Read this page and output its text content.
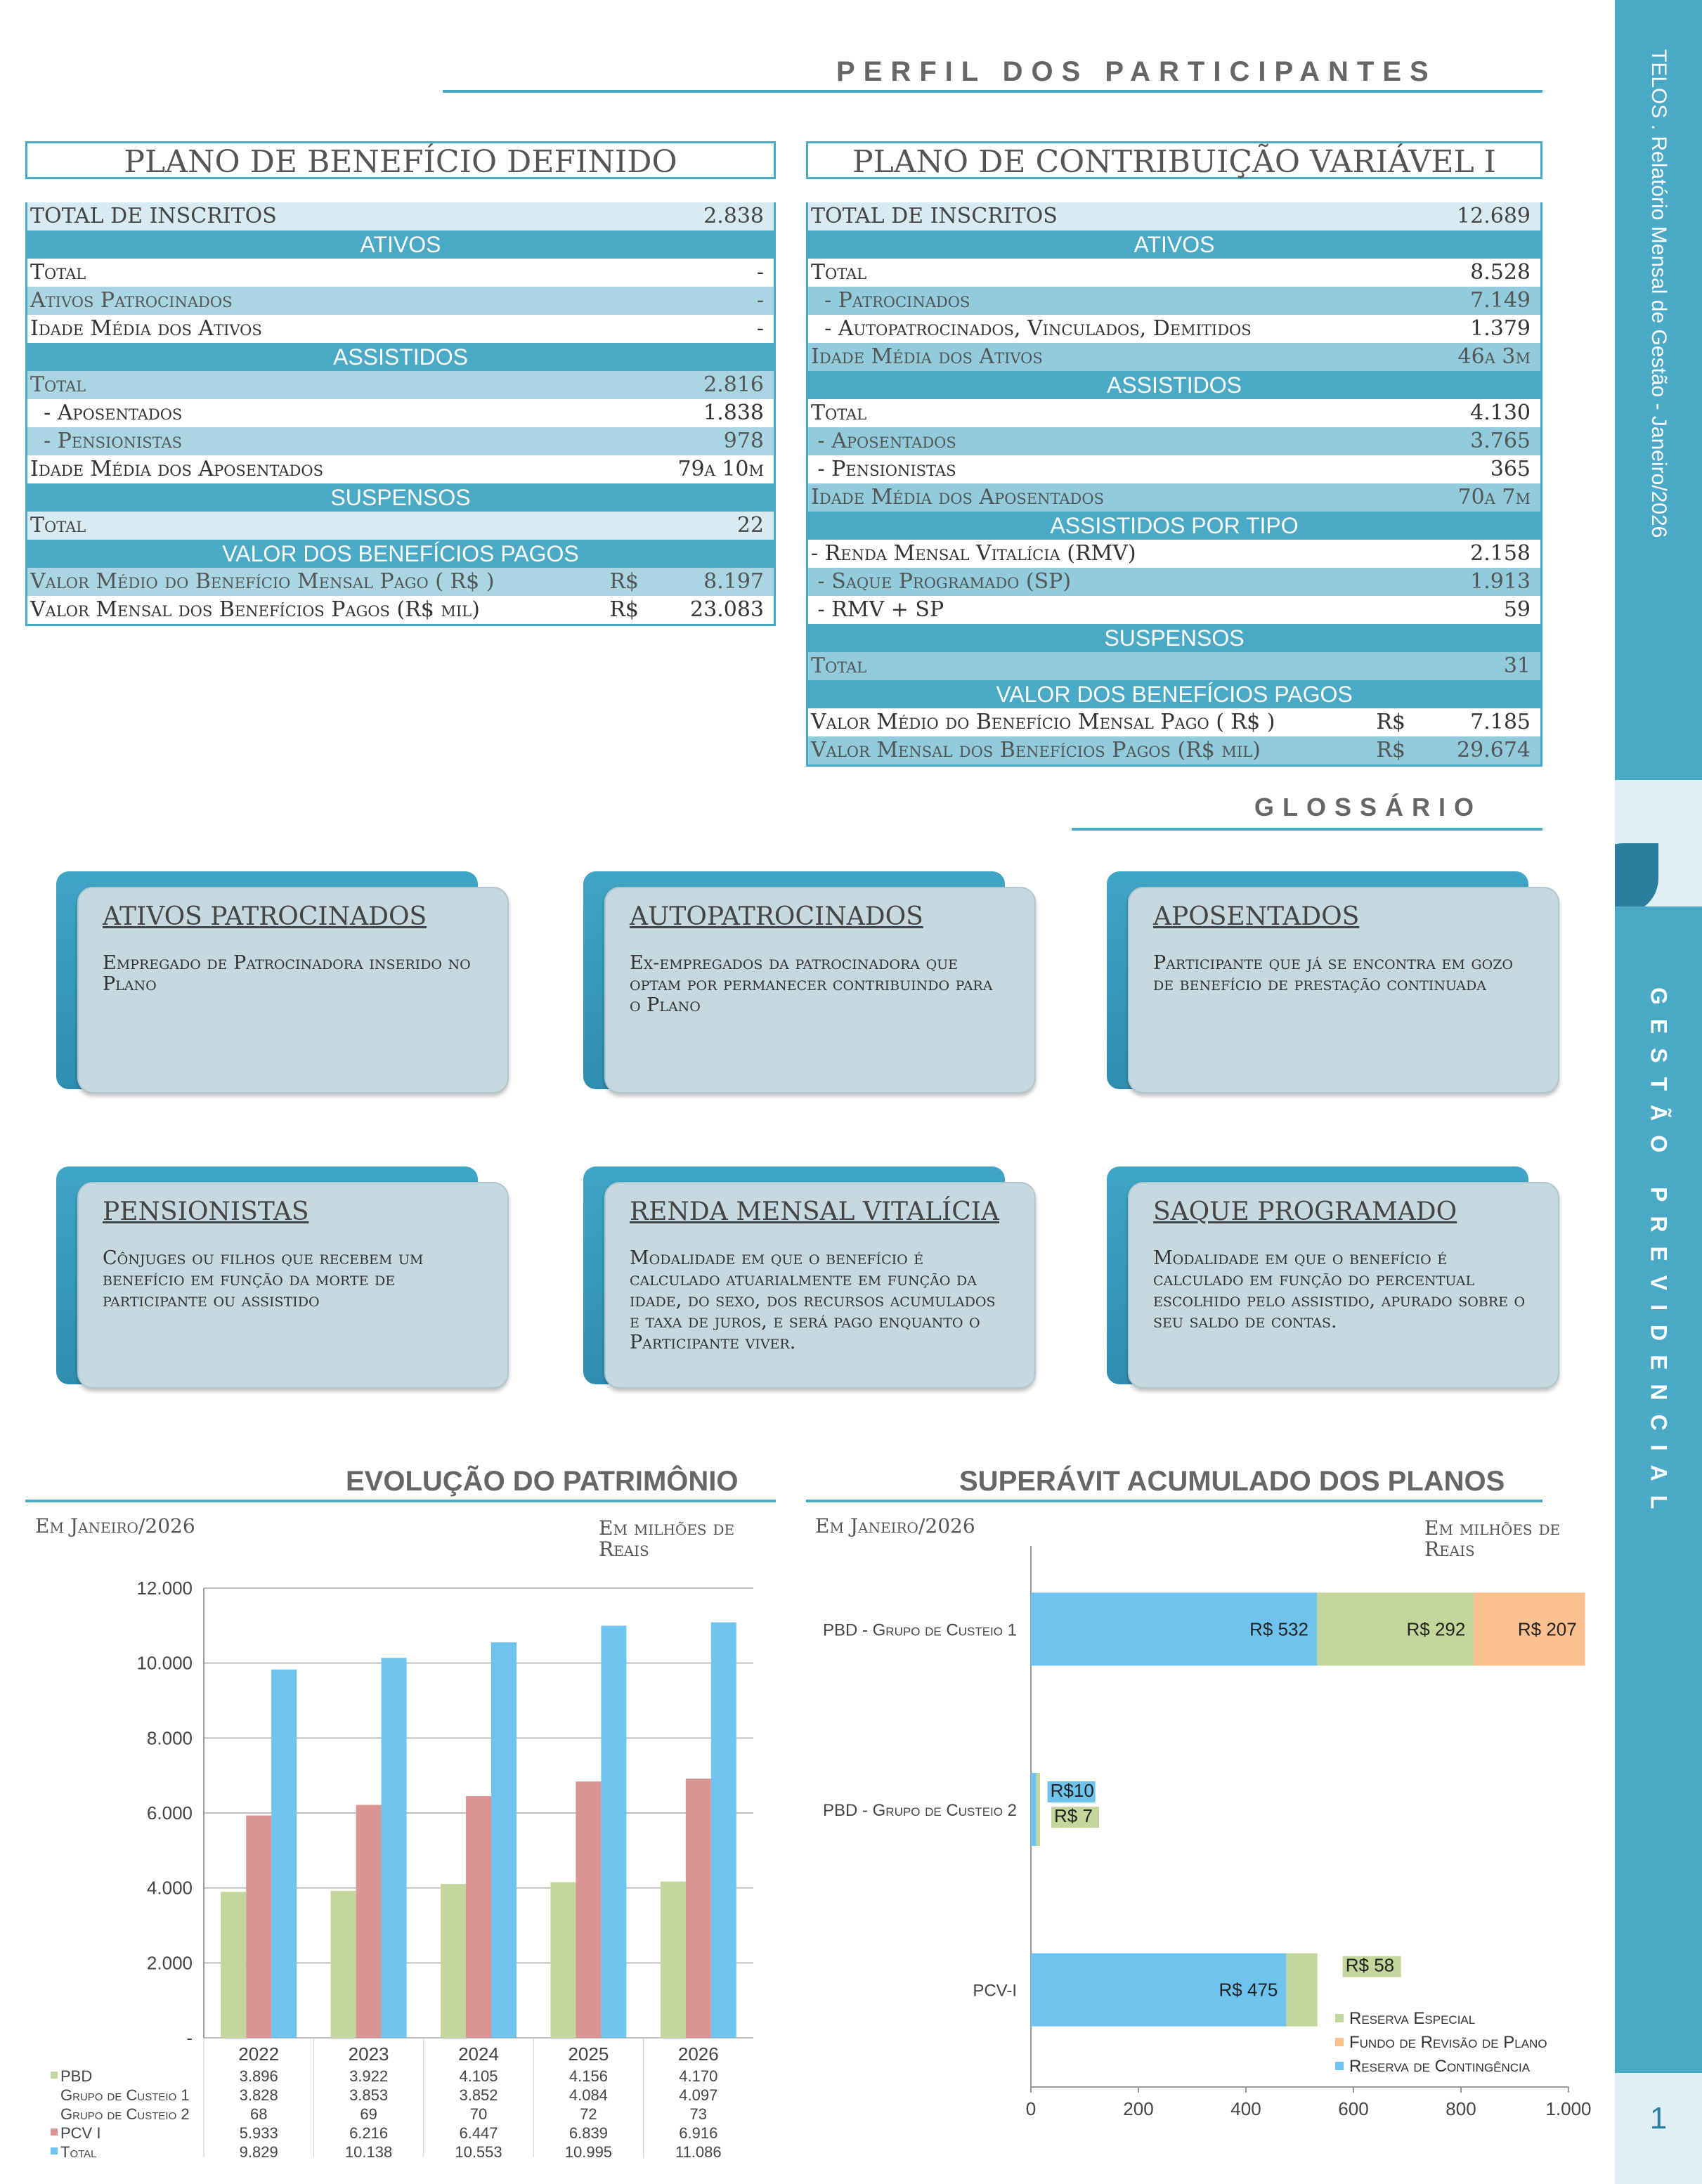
TELOS . Relatório Mensal de Gestão - Janeiro/2026
GESTÃO PREVIDENCIAL
1
PERFIL DOS PARTICIPANTES
PLANO DE BENEFÍCIO DEFINIDO
TOTAL DE INSCRITOS	2.838
ATIVOS
Total	-
Ativos Patrocinados	-
Idade Média dos Ativos	-
ASSISTIDOS
Total	2.816
- Aposentados	1.838
- Pensionistas	978
Idade Média dos Aposentados	79a 10m
SUSPENSOS
Total	22
VALOR DOS BENEFÍCIOS PAGOS
Valor Médio do Benefício Mensal Pago ( R$ )	R$	8.197
Valor Mensal dos Benefícios Pagos (R$ mil)	R$ 23.083
PLANO DE CONTRIBUIÇÃO VARIÁVEL I
TOTAL DE INSCRITOS	12.689
ATIVOS
Total	8.528
- Patrocinados	7.149
- Autopatrocinados, Vinculados, Demitidos	1.379
Idade Média dos Ativos	46a 3m
ASSISTIDOS
Total	4.130
- Aposentados	3.765
- Pensionistas	365
Idade Média dos Aposentados	70a 7m
ASSISTIDOS POR TIPO
- Renda Mensal Vitalícia (RMV)	2.158
- Saque Programado (SP)	1.913
- RMV + SP	59
SUSPENSOS
Total	31
VALOR DOS BENEFÍCIOS PAGOS
Valor Médio do Benefício Mensal Pago ( R$ )	R$	7.185
Valor Mensal dos Benefícios Pagos (R$ mil)	R$ 29.674
GLOSSÁRIO
ATIVOS PATROCINADOS
Empregado de Patrocinadora inserido no Plano
AUTOPATROCINADOS
Ex-empregados da patrocinadora que optam por permanecer contribuindo para o Plano
APOSENTADOS
Participante que já se encontra em gozo de benefício de prestação continuada
PENSIONISTAS
Cônjuges ou filhos que recebem um benefício em função da morte de participante ou assistido
RENDA MENSAL VITALÍCIA
Modalidade em que o benefício é calculado atuarialmente em função da idade, do sexo, dos recursos acumulados e taxa de juros, e será pago enquanto o Participante viver.
SAQUE PROGRAMADO
Modalidade em que o benefício é calculado em função do percentual escolhido pelo assistido, apurado sobre o seu saldo de contas.
EVOLUÇÃO DO PATRIMÔNIO
Em Janeiro/2026	Em milhões de Reais
-
2.000
4.000
6.000
8.000
10.000
12.000
2022	2023	2024	2025	2026
PBD	3.896	3.922	4.105	4.156	4.170
Grupo de Custeio 1	3.828	3.853	3.852	4.084	4.097
Grupo de Custeio 2	68	69	70	72	73
PCV I	5.933	6.216	6.447	6.839	6.916
Total	9.829	10.138	10.553	10.995	11.086
SUPERÁVIT ACUMULADO DOS PLANOS
Em Janeiro/2026	Em milhões de Reais
0	200	400	600	800	1.000
PBD - Grupo de Custeio 1	R$ 532	R$ 292	R$ 207
PBD - Grupo de Custeio 2
R$10
R$ 7
PCV-I	R$ 475
R$ 58
Reserva Especial
Fundo de Revisão de Plano
Reserva de Contingência
